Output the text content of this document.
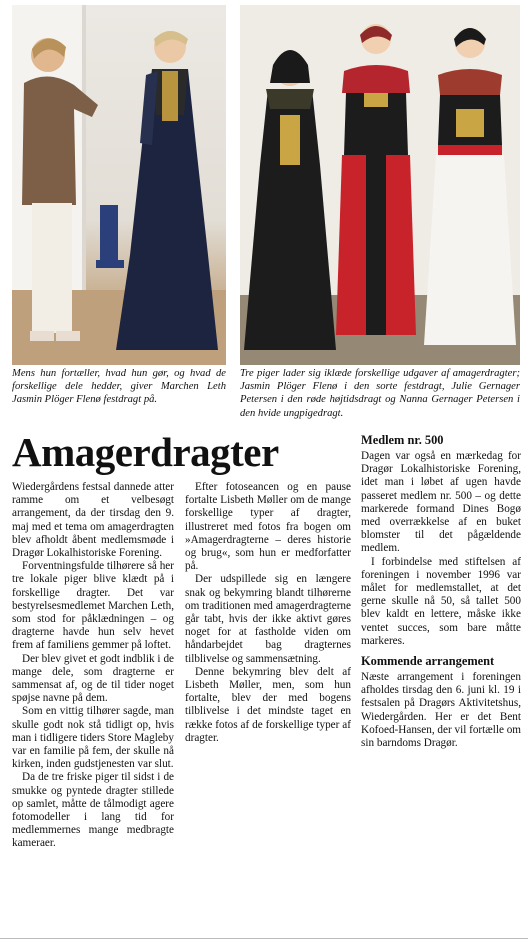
Mens hun fortæller, hvad hun gør, og hvad de forskellige dele hedder, giver Marchen Leth Jasmin Plöger Flenø festdragt på.
Tre piger lader sig iklæde forskellige udgaver af amagerdragter; Jasmin Plöger Flenø i den sorte festdragt, Julie Gernager Petersen i den røde højtidsdragt og Nanna Gernager Petersen i den hvide ungpigedragt.
Amagerdragter

Wiedergårdens festsal dannede atter ramme om et velbesøgt arrangement, da der tirsdag den 9. maj med et tema om amagerdragten blev afholdt åbent medlemsmøde i Dragør Lokalhistoriske Forening.

Forventningsfulde tilhørere så her tre lokale piger blive klædt på i forskellige dragter. Det var bestyrelsesmedlemet Marchen Leth, som stod for påklædningen – og dragterne havde hun selv hevet frem af familiens gemmer på loftet.

Der blev givet et godt indblik i de mange dele, som dragterne er sammensat af, og de til tider noget spøjse navne på dem.

Som en vittig tilhører sagde, man skulle godt nok stå tidligt op, hvis man i tidligere tiders Store Magleby var en familie på fem, der skulle nå kirken, inden gudstjenesten var slut.

Da de tre friske piger til sidst i de smukke og pyntede dragter stillede op samlet, måtte de tålmodigt agere fotomodeller i lang tid for medlemmernes mange medbragte kameraer.

Efter fotoseancen og en pause fortalte Lisbeth Møller om de mange forskellige typer af dragter, illustreret med fotos fra bogen om »Amagerdragterne – deres historie og brug«, som hun er medforfatter på.

Der udspillede sig en længere snak og bekymring blandt tilhørerne om traditionen med amagerdragterne går tabt, hvis der ikke aktivt gøres noget for at fastholde viden om håndarbejdet bag dragternes tilblivelse og sammensætning.

Denne bekymring blev delt af Lisbeth Møller, men, som hun fortalte, blev der med bogens tilblivelse i det mindste taget en række fotos af de forskellige typer af dragter.

Medlem nr. 500

Dagen var også en mærkedag for Dragør Lokalhistoriske Forening, idet man i løbet af ugen havde passeret medlem nr. 500 – og dette markerede formand Dines Bogø med overrækkelse af en buket blomster til det pågældende medlem.

I forbindelse med stiftelsen af foreningen i november 1996 var målet for medlemstallet, at det gerne skulle nå 50, så tallet 500 blev kaldt en lettere, måske ikke ventet succes, som bare måtte markeres.

Kommende arrangement

Næste arrangement i foreningen afholdes tirsdag den 6. juni kl. 19 i festsalen på Dragørs Aktivitetshus, Wiedergården. Her er det Bent Kofoed-Hansen, der vil fortælle om sin barndoms Dragør.
